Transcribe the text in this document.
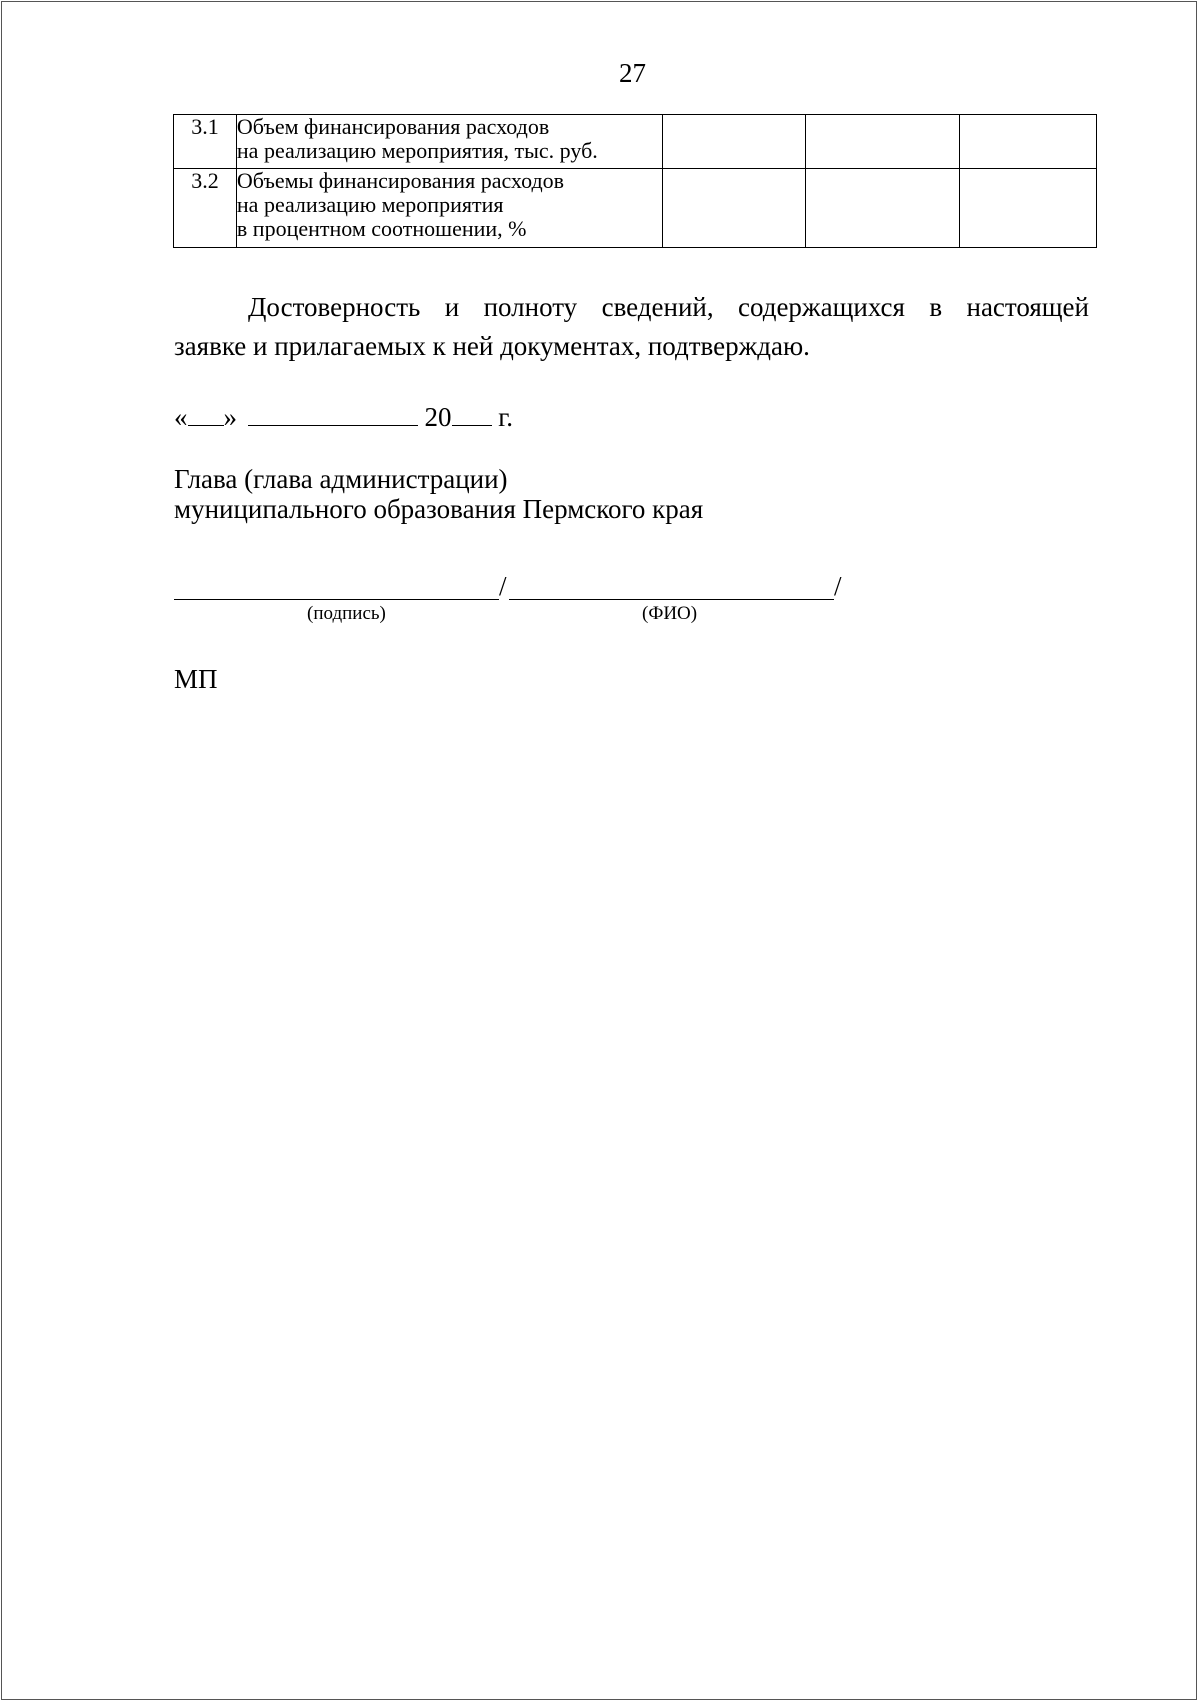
27
3.1	Объем финансирования расходов
на реализацию мероприятия, тыс. руб.			

3.2	Объемы финансирования расходов
на реализацию мероприятия
в процентном соотношении, %			

Достоверность и полноту сведений, содержащихся в настоящей
заявке и прилагаемых к ней документах, подтверждаю.
« »	20 г.
Глава (глава администрации)
муниципального образования Пермского края
/	/
(подпись)	(ФИО)
МП
